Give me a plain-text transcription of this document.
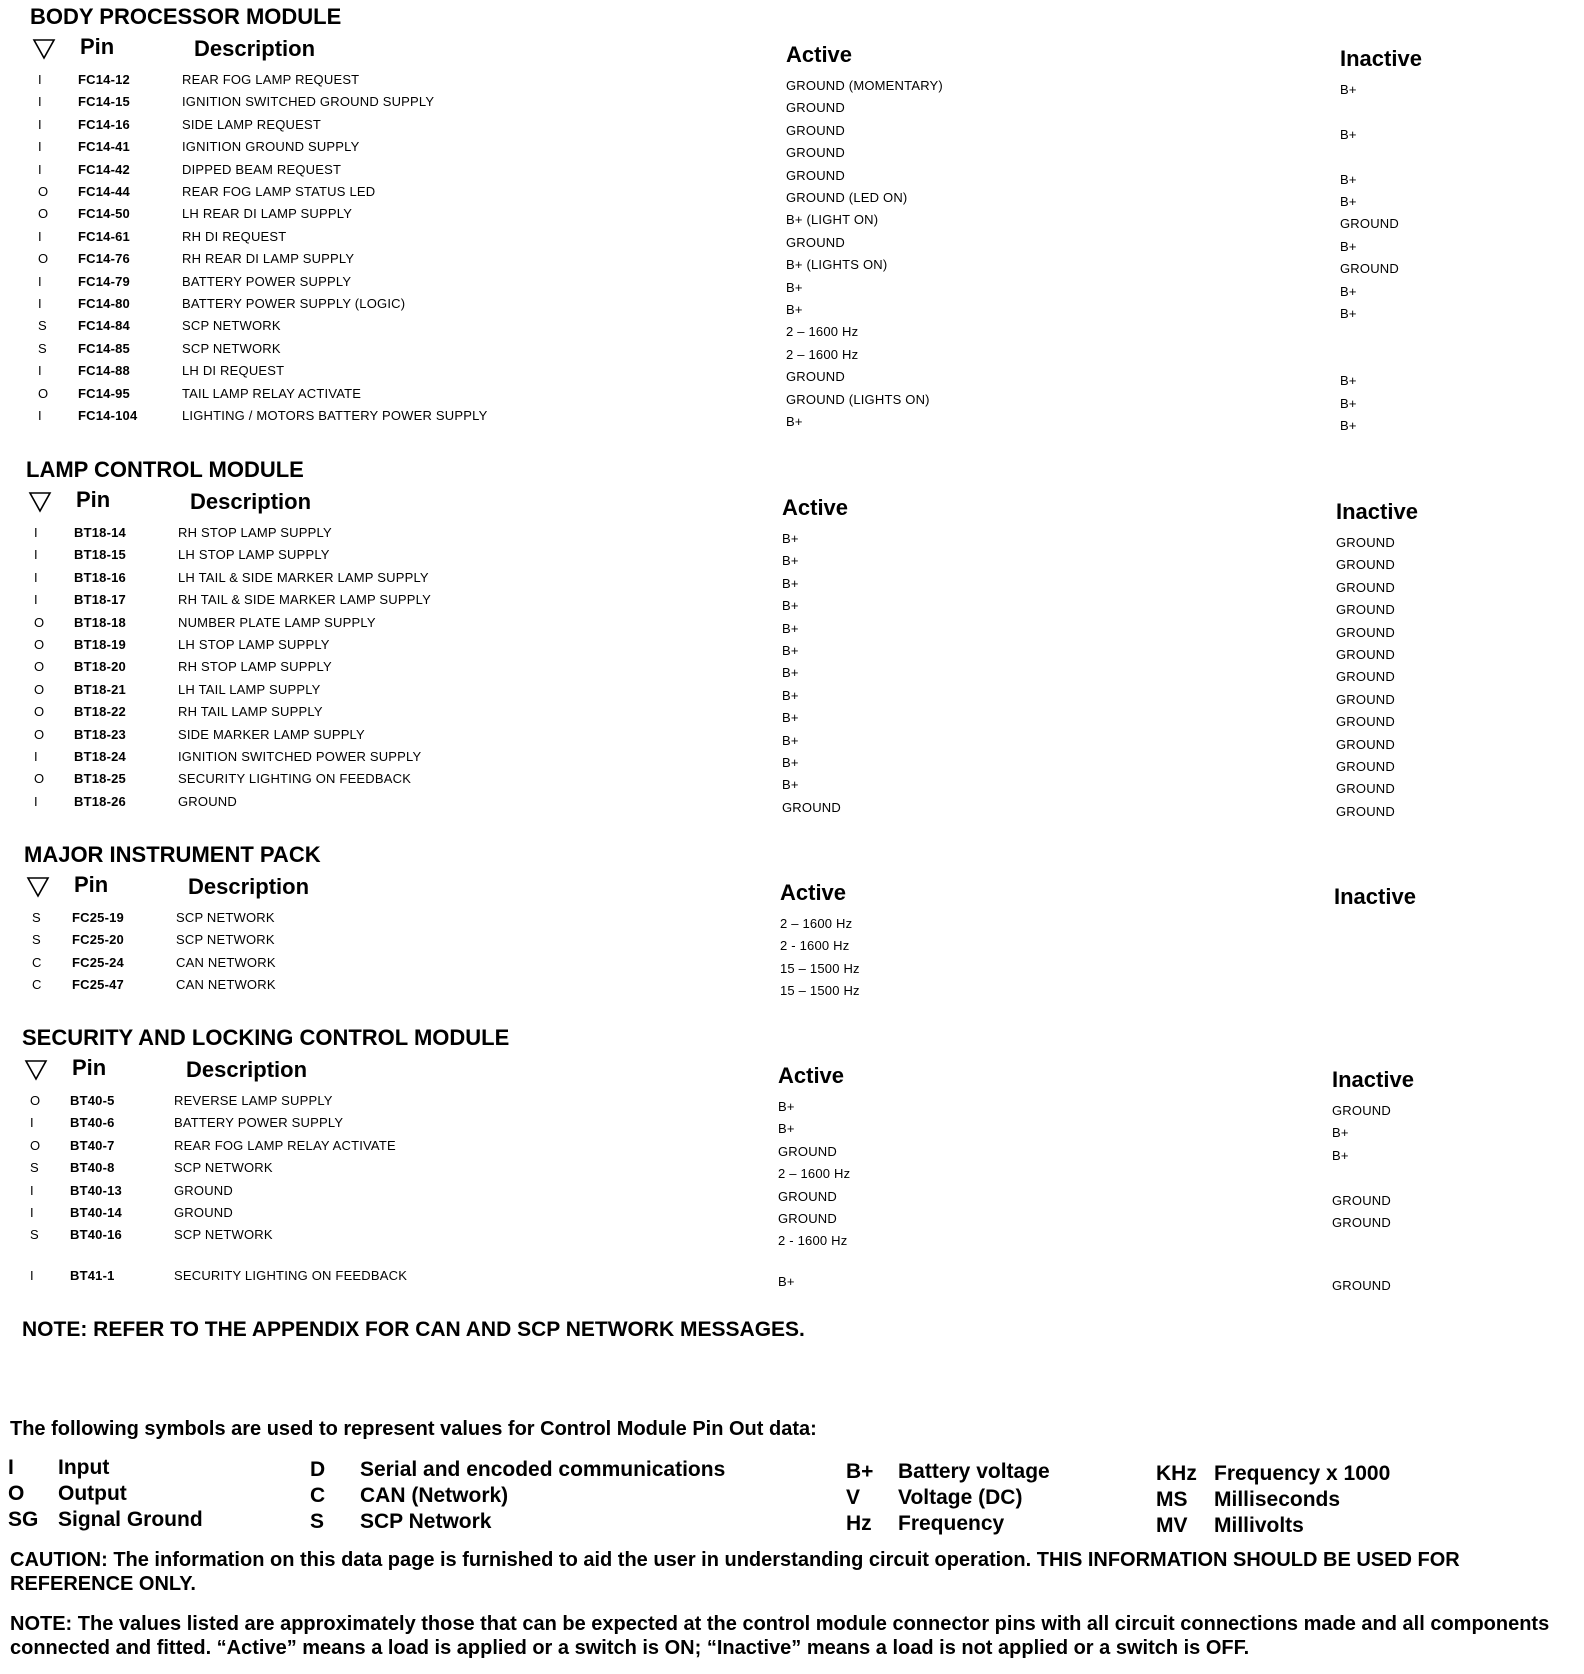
BODY PROCESSOR MODULE
Pin	Description	Active	Inactive
I	FC14-12	REAR FOG LAMP REQUEST	GROUND (MOMENTARY)	B+
I	FC14-15	IGNITION SWITCHED GROUND SUPPLY	GROUND
I	FC14-16	SIDE LAMP REQUEST	GROUND	B+
I	FC14-41	IGNITION GROUND SUPPLY	GROUND
I	FC14-42	DIPPED BEAM REQUEST	GROUND	B+
O FC14-44	REAR FOG LAMP STATUS LED	GROUND (LED ON)	B+
O FC14-50	LH REAR DI LAMP SUPPLY	B+ (LIGHT ON)	GROUND
I	FC14-61	RH DI REQUEST	GROUND	B+
O FC14-76	RH REAR DI LAMP SUPPLY	B+ (LIGHTS ON)	GROUND
I	FC14-79	BATTERY POWER SUPPLY	B+	B+
I	FC14-80	BATTERY POWER SUPPLY (LOGIC)	B+	B+
S FC14-84	SCP NETWORK	2 – 1600 Hz
S FC14-85	SCP NETWORK	2 – 1600 Hz
I	FC14-88	LH DI REQUEST	GROUND	B+
O FC14-95	TAIL LAMP RELAY ACTIVATE	GROUND (LIGHTS ON)	B+
I	FC14-104	LIGHTING / MOTORS BATTERY POWER SUPPLY	B+	B+
LAMP CONTROL MODULE
Pin	Description	Active	Inactive
I	BT18-14	RH STOP LAMP SUPPLY	B+	GROUND
I	BT18-15	LH STOP LAMP SUPPLY	B+	GROUND
I	BT18-16	LH TAIL & SIDE MARKER LAMP SUPPLY	B+	GROUND
I	BT18-17	RH TAIL & SIDE MARKER LAMP SUPPLY	B+	GROUND
O BT18-18	NUMBER PLATE LAMP SUPPLY	B+	GROUND
O BT18-19	LH STOP LAMP SUPPLY	B+	GROUND
O BT18-20	RH STOP LAMP SUPPLY	B+	GROUND
O BT18-21	LH TAIL LAMP SUPPLY	B+	GROUND
O BT18-22	RH TAIL LAMP SUPPLY	B+	GROUND
O BT18-23	SIDE MARKER LAMP SUPPLY	B+	GROUND
I	BT18-24	IGNITION SWITCHED POWER SUPPLY	B+	GROUND
O BT18-25	SECURITY LIGHTING ON FEEDBACK	B+	GROUND
I	BT18-26	GROUND	GROUND	GROUND
MAJOR INSTRUMENT PACK
Pin	Description	Active	Inactive
S FC25-19	SCP NETWORK	2 – 1600 Hz
S FC25-20	SCP NETWORK	2 - 1600 Hz
C FC25-24	CAN NETWORK	15 – 1500 Hz
C FC25-47	CAN NETWORK	15 – 1500 Hz
SECURITY AND LOCKING CONTROL MODULE
Pin	Description	Active	Inactive
O BT40-5	REVERSE LAMP SUPPLY	B+	GROUND
I	BT40-6	BATTERY POWER SUPPLY	B+	B+
O BT40-7	REAR FOG LAMP RELAY ACTIVATE	GROUND	B+
S BT40-8	SCP NETWORK	2 – 1600 Hz
I	BT40-13	GROUND	GROUND	GROUND
I	BT40-14	GROUND	GROUND	GROUND
S BT40-16	SCP NETWORK	2 - 1600 Hz
I	BT41-1	SECURITY LIGHTING ON FEEDBACK	B+	GROUND
NOTE: REFER TO THE APPENDIX FOR CAN AND SCP NETWORK MESSAGES.
The following symbols are used to represent values for Control Module Pin Out data:
I Input
O Output
SG Signal Ground
D Serial and encoded communications
C CAN (Network)
S SCP Network
B+ Battery voltage
V Voltage (DC)
Hz Frequency
KHz Frequency x 1000
MS Milliseconds
MV Millivolts
CAUTION: The information on this data page is furnished to aid the user in understanding circuit operation. THIS INFORMATION SHOULD BE USED FOR REFERENCE ONLY.
NOTE: The values listed are approximately those that can be expected at the control module connector pins with all circuit connections made and all components connected and fitted. “Active” means a load is applied or a switch is ON; “Inactive” means a load is not applied or a switch is OFF.
